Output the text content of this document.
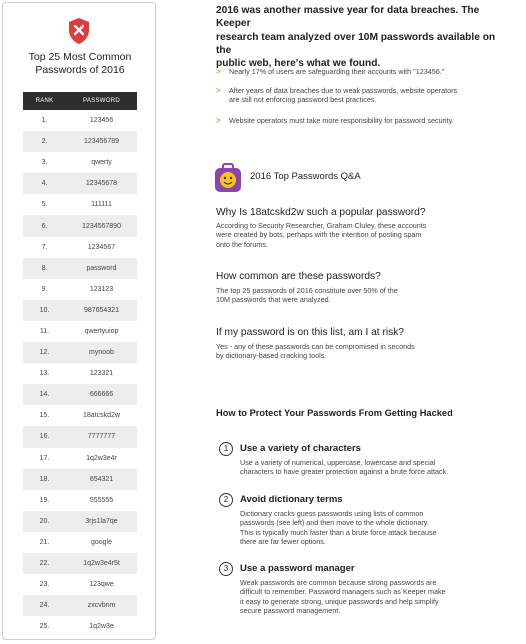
Top 25 Most Common
Passwords of 2016
RANK	PASSWORD
1.	123456
2.	123456789
3.	qwerty
4.	12345678
5.	111111
6.	1234567890
7.	1234567
8.	password
9.	123123
10.	987654321
11.	qwertyuiop
12.	mynoob
13.	123321
14.	666666
15.	18atcskd2w
16.	7777777
17.	1q2w3e4r
18.	654321
19.	555555
20.	3rjs1la7qe
21.	google
22.	1q2w3e4r5t
23.	123qwe
24.	zxcvbnm
25.	1q2w3e
2016 was another massive year for data breaches. The Keeper
research team analyzed over 10M passwords available on the
public web, here's what we found.
>	Nearly 17% of users are safeguarding their accounts with "123456."
>	After years of data breaches due to weak passwords, website operators
are still not enforcing password best practices.
>	Website operators must take more responsibility for password security.
2016 Top Passwords Q&A
Why Is 18atcskd2w such a popular password?
According to Security Researcher, Graham Cluley, these accounts
were created by bots, perhaps with the intention of posting spam
onto the forums.
How common are these passwords?
The top 25 passwords of 2016 constitute over 50% of the
10M passwords that were analyzed.
If my password is on this list, am I at risk?
Yes - any of these passwords can be compromised in seconds
by dictionary-based cracking tools.
How to Protect Your Passwords From Getting Hacked
1	Use a variety of characters
Use a variety of numerical, uppercase, lowercase and special
characters to have greater protection against a brute force attack.
2	Avoid dictionary terms
Dictionary cracks guess passwords using lists of common
passwords (see left) and then move to the whole dictionary.
This is typically much faster than a brute force attack because
there are far fewer options.
3	Use a password manager
Weak passwords are common because strong passwords are
difficult to remember. Password managers such as Keeper make
it easy to generate strong, unique passwords and help simplify
secure password management.
